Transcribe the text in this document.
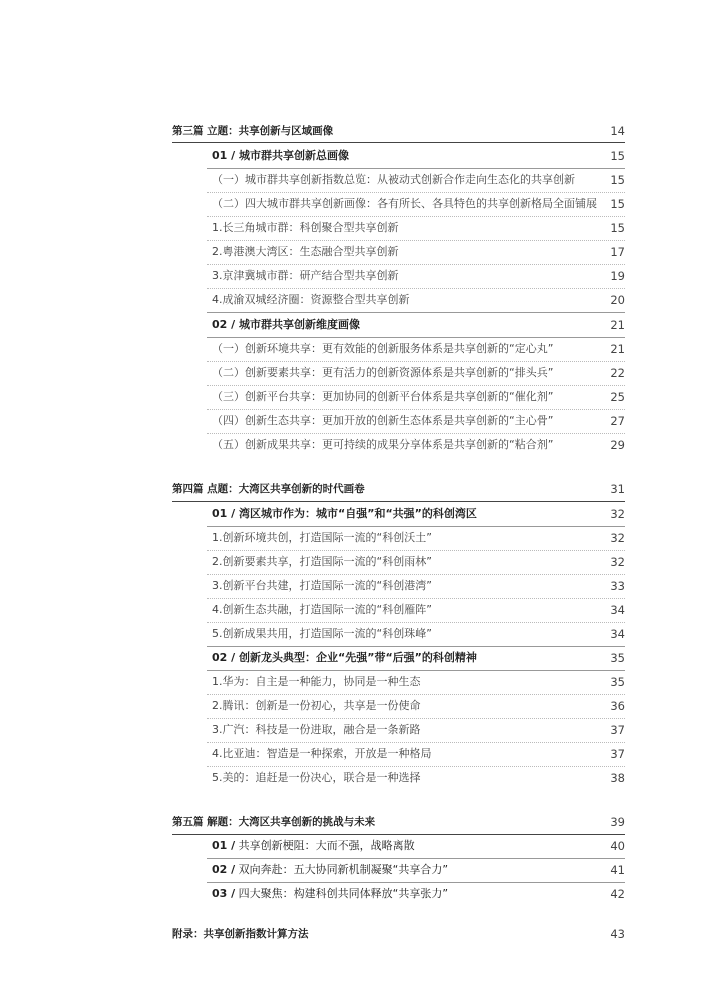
第三篇 立题：共享创新与区域画像	14
01 / 城市群共享创新总画像	15
（一）城市群共享创新指数总览：从被动式创新合作走向生态化的共享创新	15
（二）四大城市群共享创新画像：各有所长、各具特色的共享创新格局全面铺展 15
1.长三角城市群：科创聚合型共享创新	15
2.粤港澳大湾区：生态融合型共享创新	17
3.京津冀城市群：研产结合型共享创新	19
4.成渝双城经济圈：资源整合型共享创新	20
02 / 城市群共享创新维度画像	21
（一）创新环境共享：更有效能的创新服务体系是共享创新的“定心丸”	21
（二）创新要素共享：更有活力的创新资源体系是共享创新的“排头兵”	22
（三）创新平台共享：更加协同的创新平台体系是共享创新的“催化剂”	25
（四）创新生态共享：更加开放的创新生态体系是共享创新的“主心骨”	27
（五）创新成果共享：更可持续的成果分享体系是共享创新的“粘合剂”	29
第四篇 点题：大湾区共享创新的时代画卷	31
01 / 湾区城市作为：城市“自强”和“共强”的科创湾区	32
1.创新环境共创，打造国际一流的“科创沃土”	32
2.创新要素共享，打造国际一流的“科创雨林”	32
3.创新平台共建，打造国际一流的“科创港湾”	33
4.创新生态共融，打造国际一流的“科创雁阵”	34
5.创新成果共用，打造国际一流的“科创珠峰”	34
02 / 创新龙头典型：企业“先强”带“后强”的科创精神	35
1.华为：自主是一种能力，协同是一种生态	35
2.腾讯：创新是一份初心，共享是一份使命	36
3.广汽：科技是一份进取，融合是一条新路	37
4.比亚迪：智造是一种探索，开放是一种格局	37
5.美的：追赶是一份决心，联合是一种选择	38
第五篇 解题：大湾区共享创新的挑战与未来	39
01 / 共享创新梗阻：大而不强，战略离散	40
02 / 双向奔赴：五大协同新机制凝聚“共享合力”	41
03 / 四大聚焦：构建科创共同体释放“共享张力”	42
附录：共享创新指数计算方法	43
